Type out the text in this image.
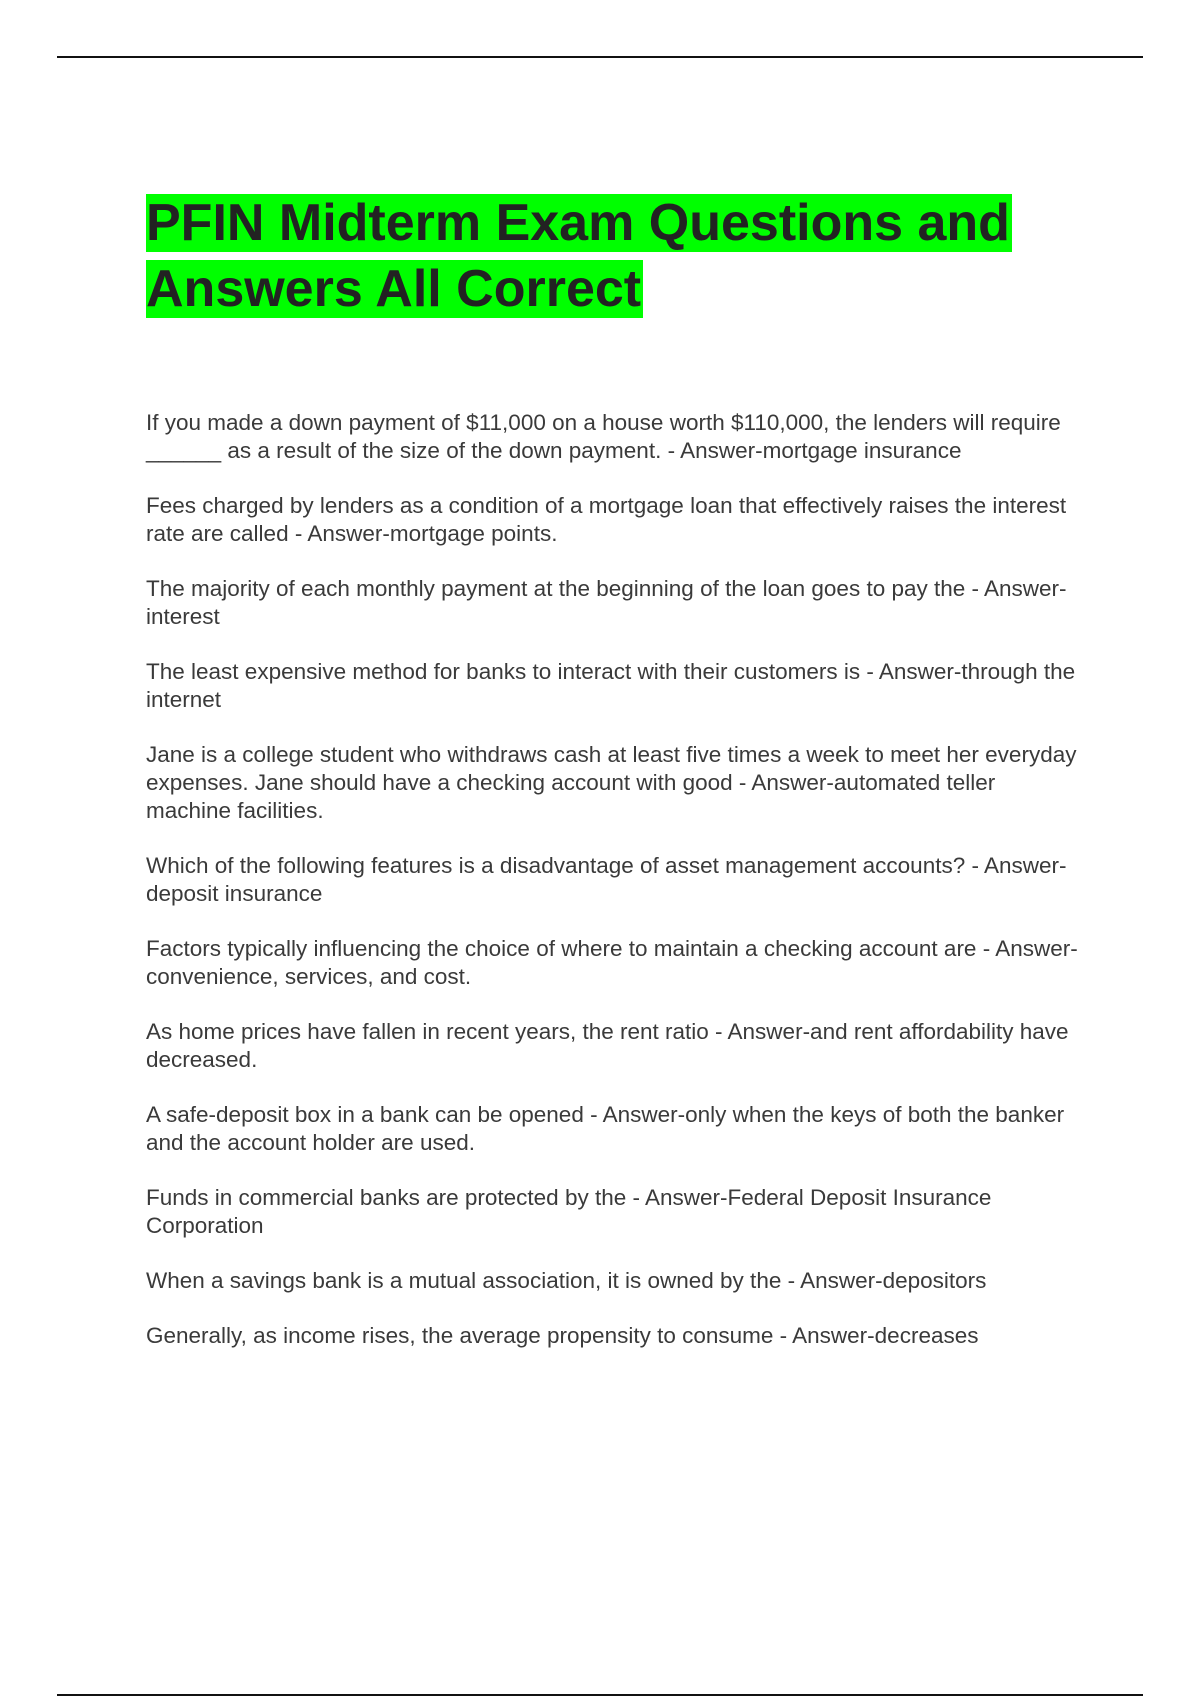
PFIN Midterm Exam Questions and Answers All Correct
If you made a down payment of $11,000 on a house worth $110,000, the lenders will require ______ as a result of the size of the down payment. - Answer-mortgage insurance
Fees charged by lenders as a condition of a mortgage loan that effectively raises the interest rate are called - Answer-mortgage points.
The majority of each monthly payment at the beginning of the loan goes to pay the - Answer-interest
The least expensive method for banks to interact with their customers is - Answer-through the internet
Jane is a college student who withdraws cash at least five times a week to meet her everyday expenses. Jane should have a checking account with good - Answer-automated teller machine facilities.
Which of the following features is a disadvantage of asset management accounts? - Answer-deposit insurance
Factors typically influencing the choice of where to maintain a checking account are - Answer-convenience, services, and cost.
As home prices have fallen in recent years, the rent ratio - Answer-and rent affordability have decreased.
A safe-deposit box in a bank can be opened - Answer-only when the keys of both the banker and the account holder are used.
Funds in commercial banks are protected by the - Answer-Federal Deposit Insurance Corporation
When a savings bank is a mutual association, it is owned by the - Answer-depositors
Generally, as income rises, the average propensity to consume - Answer-decreases
